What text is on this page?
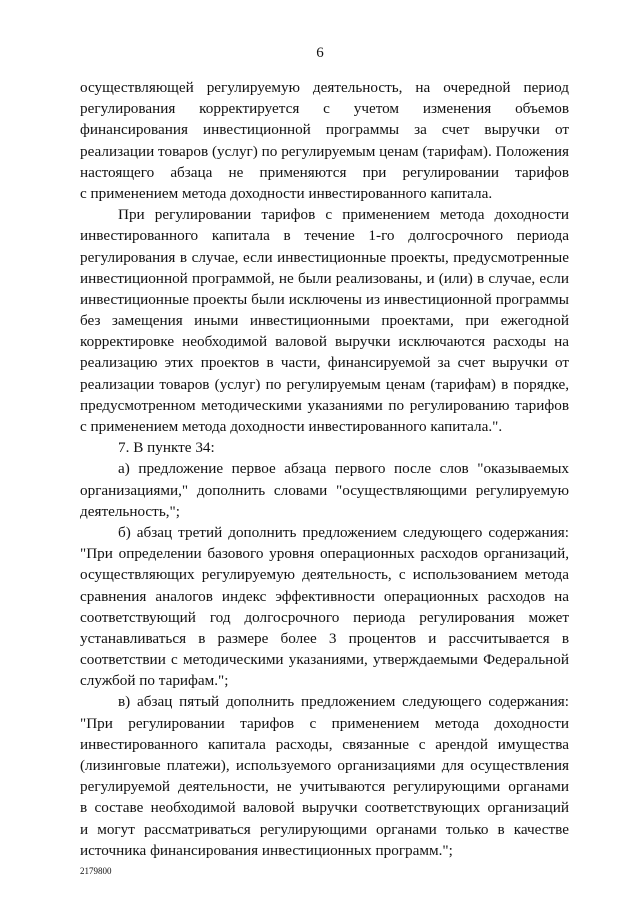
6
осуществляющей регулируемую деятельность, на очередной период
регулирования корректируется с учетом изменения объемов
финансирования инвестиционной программы за счет выручки от
реализации товаров (услуг) по регулируемым ценам (тарифам). Положения
настоящего абзаца не применяются при регулировании тарифов
с применением метода доходности инвестированного капитала.
При регулировании тарифов с применением метода доходности
инвестированного капитала в течение 1-го долгосрочного периода
регулирования в случае, если инвестиционные проекты, предусмотренные
инвестиционной программой, не были реализованы, и (или) в случае, если
инвестиционные проекты были исключены из инвестиционной программы
без замещения иными инвестиционными проектами, при ежегодной
корректировке необходимой валовой выручки исключаются расходы на
реализацию этих проектов в части, финансируемой за счет выручки от
реализации товаров (услуг) по регулируемым ценам (тарифам) в порядке,
предусмотренном методическими указаниями по регулированию тарифов
с применением метода доходности инвестированного капитала.".
7. В пункте 34:
а) предложение первое абзаца первого после слов "оказываемых
организациями," дополнить словами "осуществляющими регулируемую
деятельность,";
б) абзац третий дополнить предложением следующего содержания:
"При определении базового уровня операционных расходов организаций,
осуществляющих регулируемую деятельность, с использованием метода
сравнения аналогов индекс эффективности операционных расходов на
соответствующий год долгосрочного периода регулирования может
устанавливаться в размере более 3 процентов и рассчитывается в
соответствии с методическими указаниями, утверждаемыми Федеральной
службой по тарифам.";
в) абзац пятый дополнить предложением следующего содержания:
"При регулировании тарифов с применением метода доходности
инвестированного капитала расходы, связанные с арендой имущества
(лизинговые платежи), используемого организациями для осуществления
регулируемой деятельности, не учитываются регулирующими органами
в составе необходимой валовой выручки соответствующих организаций
и могут рассматриваться регулирующими органами только в качестве
источника финансирования инвестиционных программ.";
2179800
